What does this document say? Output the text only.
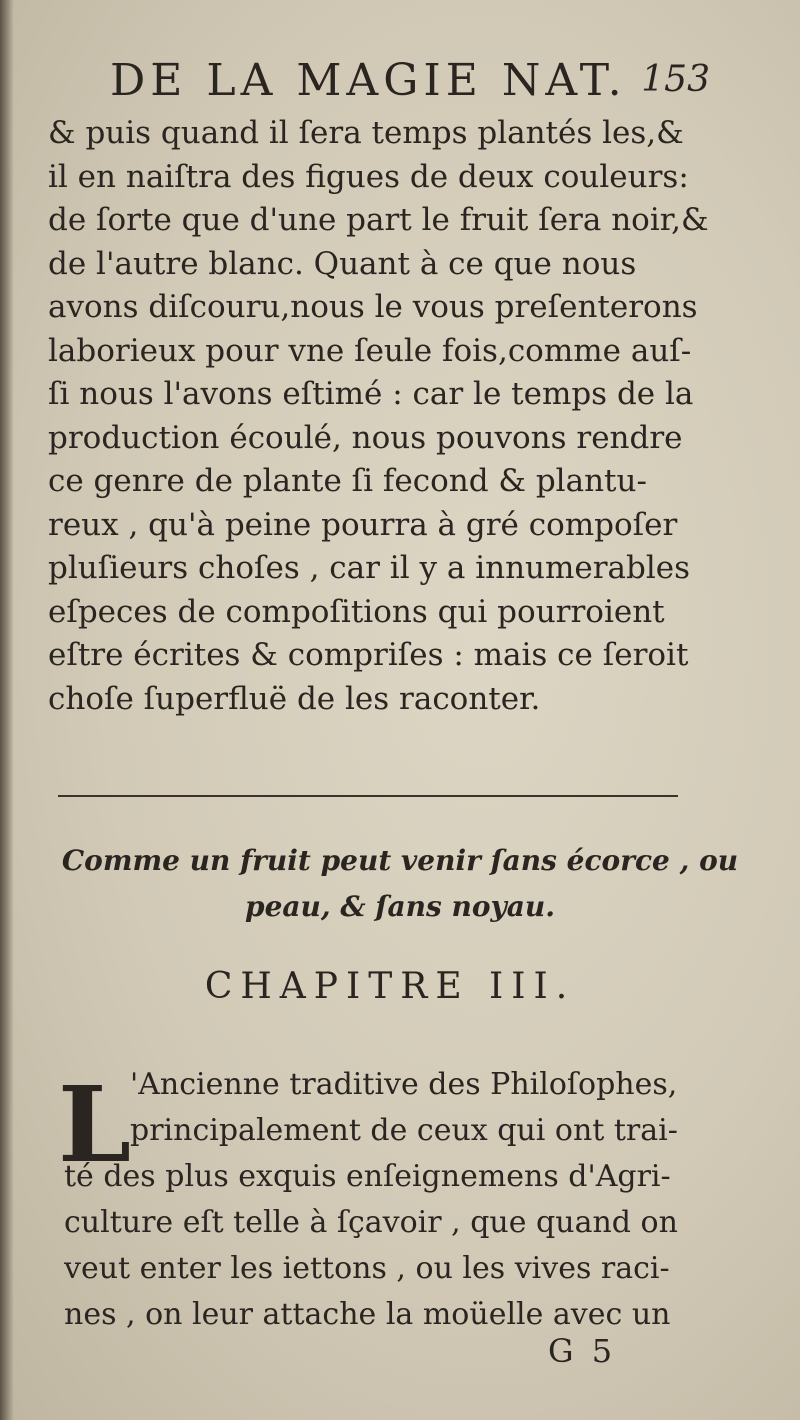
DE LA MAGIE NAT. 153
& puis quand il ſera temps plantés les,&
il en naiſtra des figues de deux couleurs:
de ſorte que d'une part le fruit ſera noir,&
de l'autre blanc. Quant à ce que nous
avons diſcouru,nous le vous preſenterons
laborieux pour vne ſeule fois,comme auſ-
ſi nous l'avons eſtimé : car le temps de la
production écoulé, nous pouvons rendre
ce genre de plante ſi fecond & plantu-
reux , qu'à peine pourra à gré compoſer
pluſieurs choſes , car il y a innumerables
eſpeces de compoſitions qui pourroient
eſtre écrites & compriſes : mais ce ſeroit
choſe ſuperfluë de les raconter.
Comme un fruit peut venir ſans écorce , ou
peau, & ſans noyau.
CHAPITRE III.
L
'Ancienne traditive des Philoſophes,
principalement de ceux qui ont trai-
té des plus exquis enſeignemens d'Agri-
culture eſt telle à ſçavoir , que quand on
veut enter les iettons , ou les vives raci-
nes , on leur attache la moüelle avec un
G 5
